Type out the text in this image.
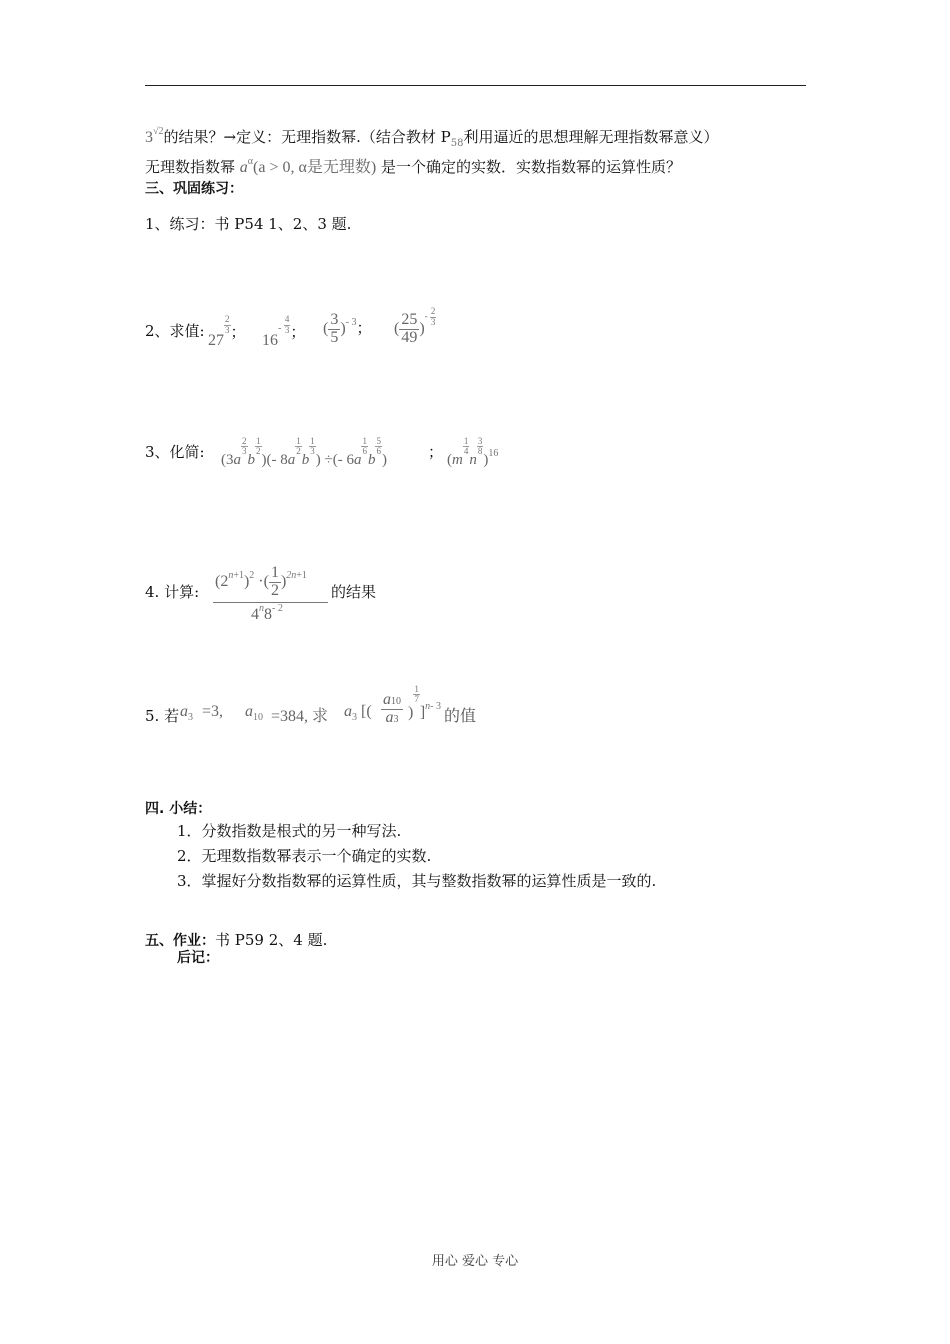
$3^{√2}$的结果？→定义：无理指数幂.（结合教材 $P_{58}$利用逼近的思想理解无理指数幂意义）
无理数指数幂 $a^\alpha(a > 0$, α是无理数) 是一个确定的实数．实数指数幂的运算性质？
三、巩固练习：
1、练习：书 P54 1、2、3 题.
2、求值:
27
$\frac{2}{3}$ ； $16- \frac{4}{3}$ ； ( $\frac{3}{5} )^{- 3}$； ( $\frac{25}{49} )^- \frac{2}{3}$
3、化简: (3a
$\frac{2}{3}$
b
$\frac{1}{2}$
)(- 8a
$\frac{1}{2}$
b
$\frac{1}{3}$
) ÷(- 6a
$\frac{1}{6}$
b
$\frac{5}{6}$
)	； (m
$\frac{1}{4}$
n
$\frac{3}{8}$
)$_{16}$
4. 计算:
$(2^{n+1})^2$ ·( $\frac{1}{2} )^{2n+1}$
$4^n8^{- 2}$
的结果
5. 若 $a_3 =3$, $a_{10} =384$, 求 $a_3$ [( $\frac{a10}{a3}$ )
$\frac{1}{7}$
]$_{n- 3}$ 的值
四. 小结：
1．分数指数是根式的另一种写法.
2．无理数指数幂表示一个确定的实数.
3．掌握好分数指数幂的运算性质，其与整数指数幂的运算性质是一致的.
五、作业：书 P59 2、4 题.
后记：
用心 爱心 专心
